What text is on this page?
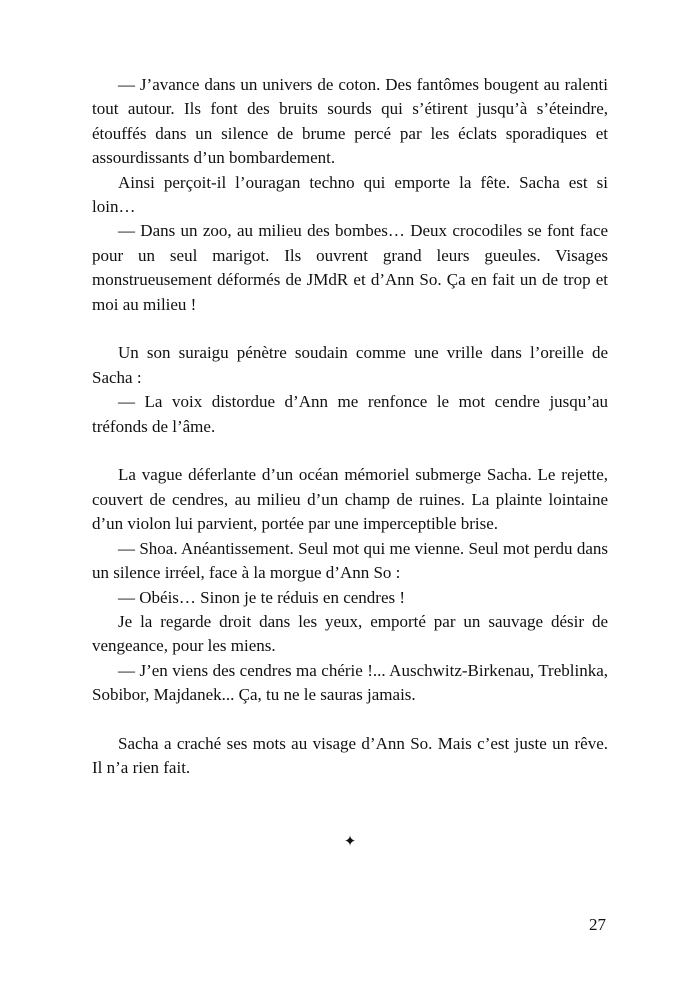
— J’avance dans un univers de coton. Des fantômes bougent au ralenti tout autour. Ils font des bruits sourds qui s’étirent jusqu’à s’éteindre, étouffés dans un silence de brume percé par les éclats sporadiques et assourdissants d’un bombardement.

Ainsi perçoit-il l’ouragan techno qui emporte la fête. Sacha est si loin…

— Dans un zoo, au milieu des bombes… Deux crocodiles se font face pour un seul marigot. Ils ouvrent grand leurs gueules. Visages monstrueusement déformés de JMdR et d’Ann So. Ça en fait un de trop et moi au milieu !

Un son suraigu pénètre soudain comme une vrille dans l’oreille de Sacha :

— La voix distordue d’Ann me renfonce le mot cendre jusqu’au tréfonds de l’âme.

La vague déferlante d’un océan mémoriel submerge Sacha. Le rejette, couvert de cendres, au milieu d’un champ de ruines. La plainte lointaine d’un violon lui parvient, portée par une imperceptible brise.

— Shoa. Anéantissement. Seul mot qui me vienne. Seul mot perdu dans un silence irréel, face à la morgue d’Ann So :

— Obéis… Sinon je te réduis en cendres !

Je la regarde droit dans les yeux, emporté par un sauvage désir de vengeance, pour les miens.

— J’en viens des cendres ma chérie !... Auschwitz-Birkenau, Treblinka, Sobibor, Majdanek... Ça, tu ne le sauras jamais.

Sacha a craché ses mots au visage d’Ann So. Mais c’est juste un rêve. Il n’a rien fait.

✦
27
